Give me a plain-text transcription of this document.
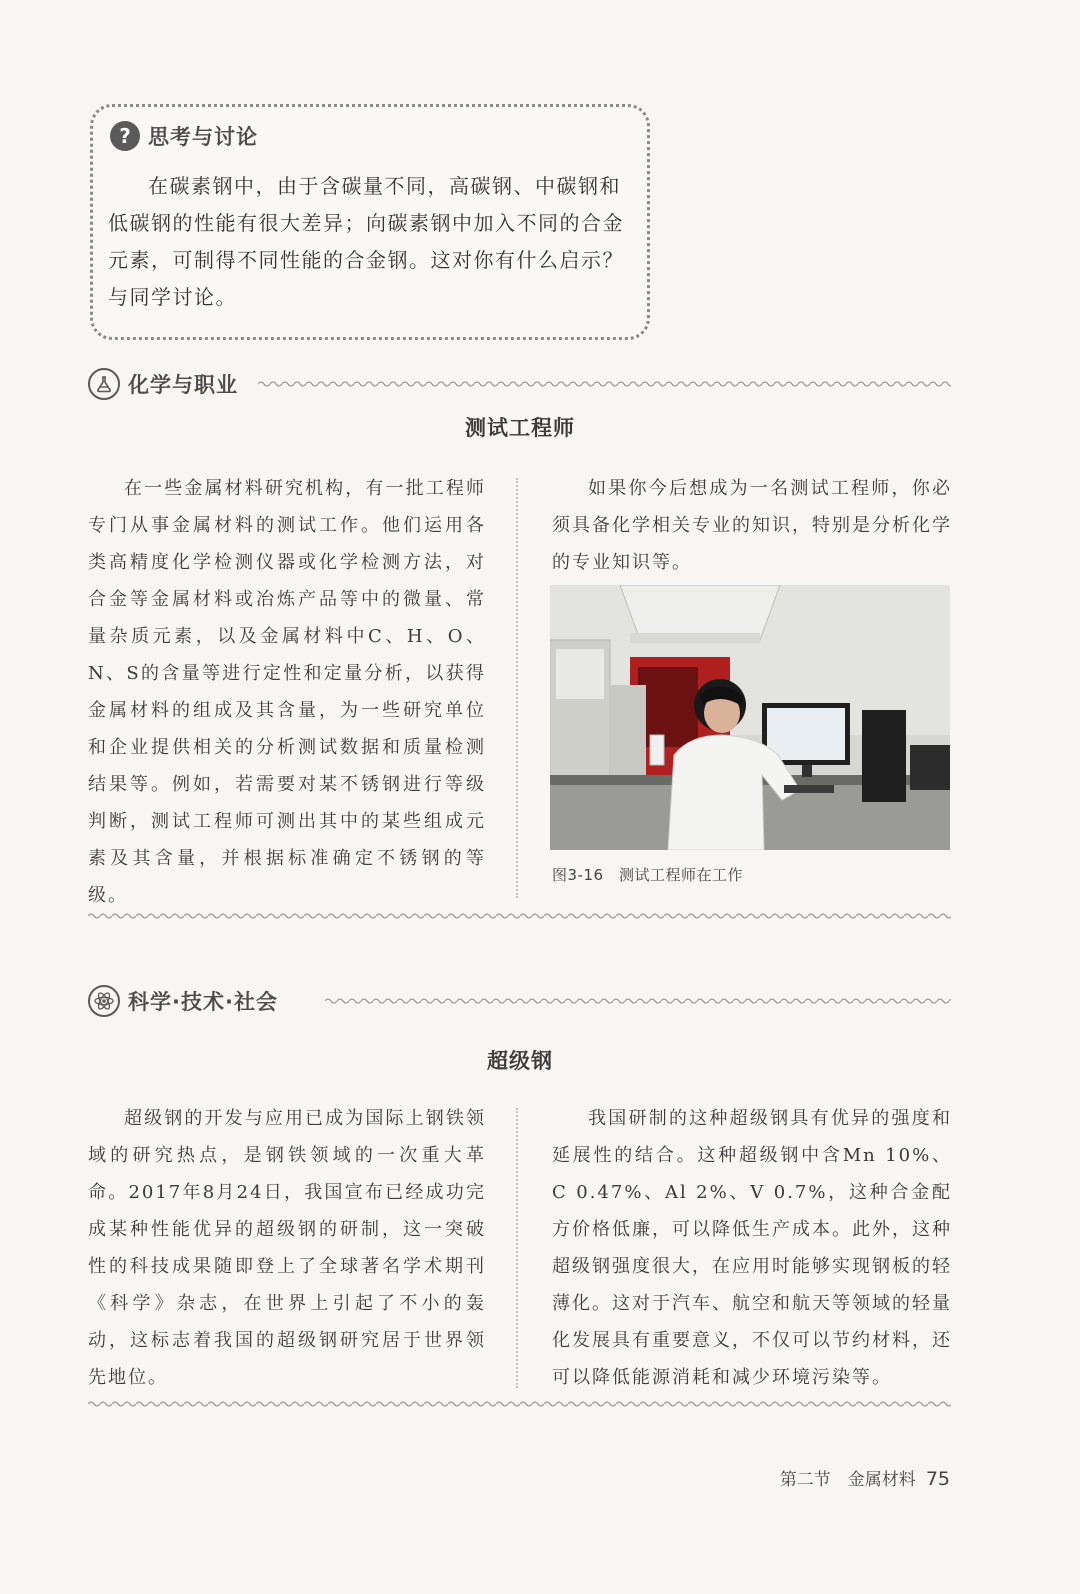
? 思考与讨论

在碳素钢中，由于含碳量不同，高碳钢、中碳钢和低碳钢的性能有很大差异；向碳素钢中加入不同的合金元素，可制得不同性能的合金钢。这对你有什么启示？与同学讨论。

化学与职业
测试工程师

在一些金属材料研究机构，有一批工程师专门从事金属材料的测试工作。他们运用各类高精度化学检测仪器或化学检测方法，对合金等金属材料或冶炼产品等中的微量、常量杂质元素，以及金属材料中C、H、O、N、S的含量等进行定性和定量分析，以获得金属材料的组成及其含量，为一些研究单位和企业提供相关的分析测试数据和质量检测结果等。例如，若需要对某不锈钢进行等级判断，测试工程师可测出其中的某些组成元素及其含量，并根据标准确定不锈钢的等级。

如果你今后想成为一名测试工程师，你必须具备化学相关专业的知识，特别是分析化学的专业知识等。

图3-16　测试工程师在工作
科学·技术·社会
超级钢

超级钢的开发与应用已成为国际上钢铁领域的研究热点，是钢铁领域的一次重大革命。2017年8月24日，我国宣布已经成功完成某种性能优异的超级钢的研制，这一突破性的科技成果随即登上了全球著名学术期刊《科学》杂志，在世界上引起了不小的轰动，这标志着我国的超级钢研究居于世界领先地位。

我国研制的这种超级钢具有优异的强度和延展性的结合。这种超级钢中含Mn 10%、C 0.47%、Al 2%、V 0.7%，这种合金配方价格低廉，可以降低生产成本。此外，这种超级钢强度很大，在应用时能够实现钢板的轻薄化。这对于汽车、航空和航天等领域的轻量化发展具有重要意义，不仅可以节约材料，还可以降低能源消耗和减少环境污染等。

第二节　金属材料 75
